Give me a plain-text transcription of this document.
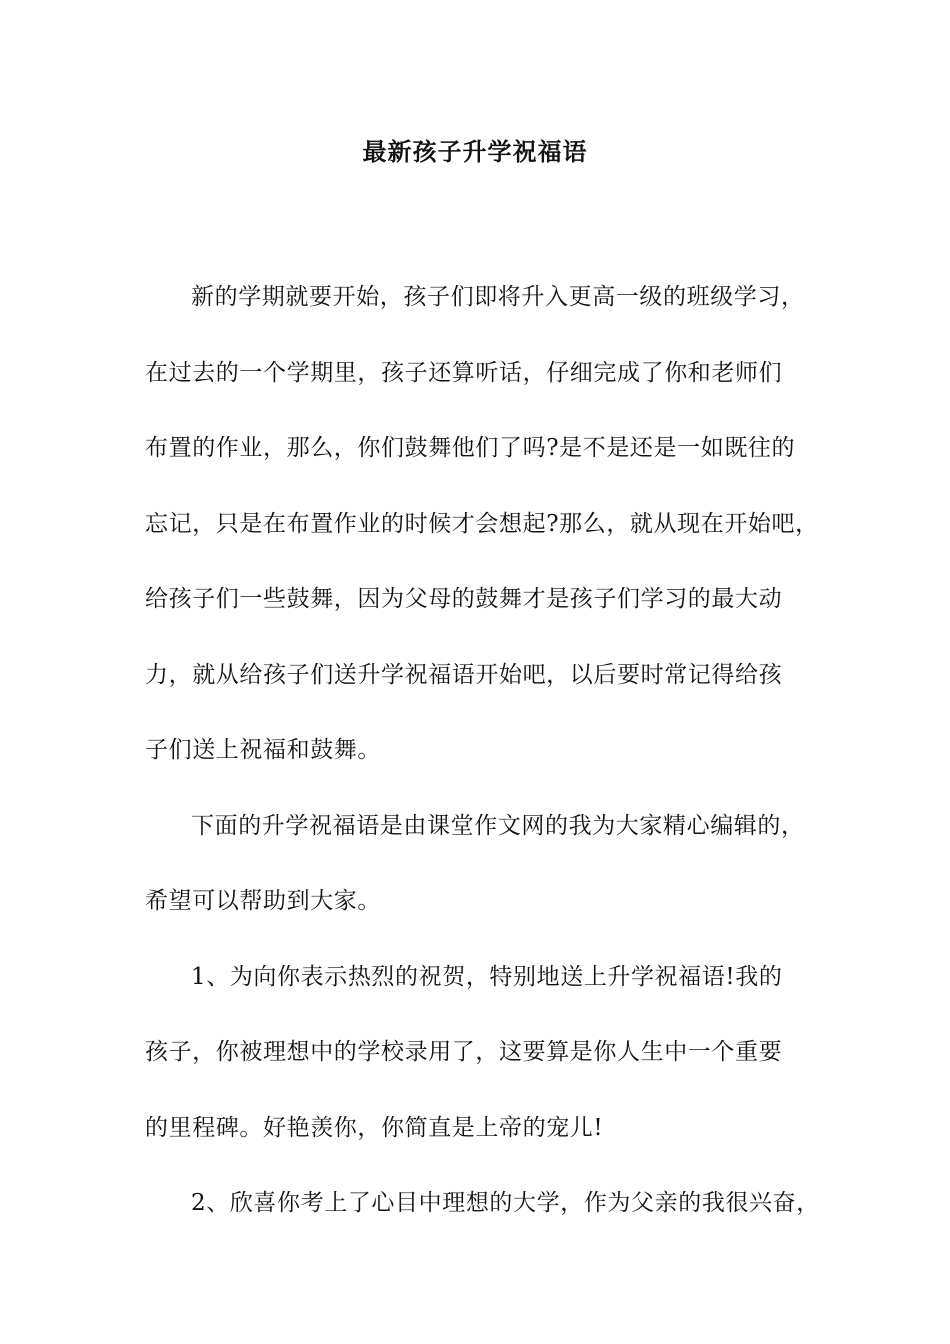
最新孩子升学祝福语
新的学期就要开始，孩子们即将升入更高一级的班级学习，
在过去的一个学期里，孩子还算听话，仔细完成了你和老师们
布置的作业，那么，你们鼓舞他们了吗?是不是还是一如既往的
忘记，只是在布置作业的时候才会想起?那么，就从现在开始吧，
给孩子们一些鼓舞，因为父母的鼓舞才是孩子们学习的最大动
力，就从给孩子们送升学祝福语开始吧，以后要时常记得给孩
子们送上祝福和鼓舞。
下面的升学祝福语是由课堂作文网的我为大家精心编辑的，
希望可以帮助到大家。
1、为向你表示热烈的祝贺，特别地送上升学祝福语!我的
孩子，你被理想中的学校录用了，这要算是你人生中一个重要
的里程碑。好艳羡你，你简直是上帝的宠儿!
2、欣喜你考上了心目中理想的大学，作为父亲的我很兴奋，
